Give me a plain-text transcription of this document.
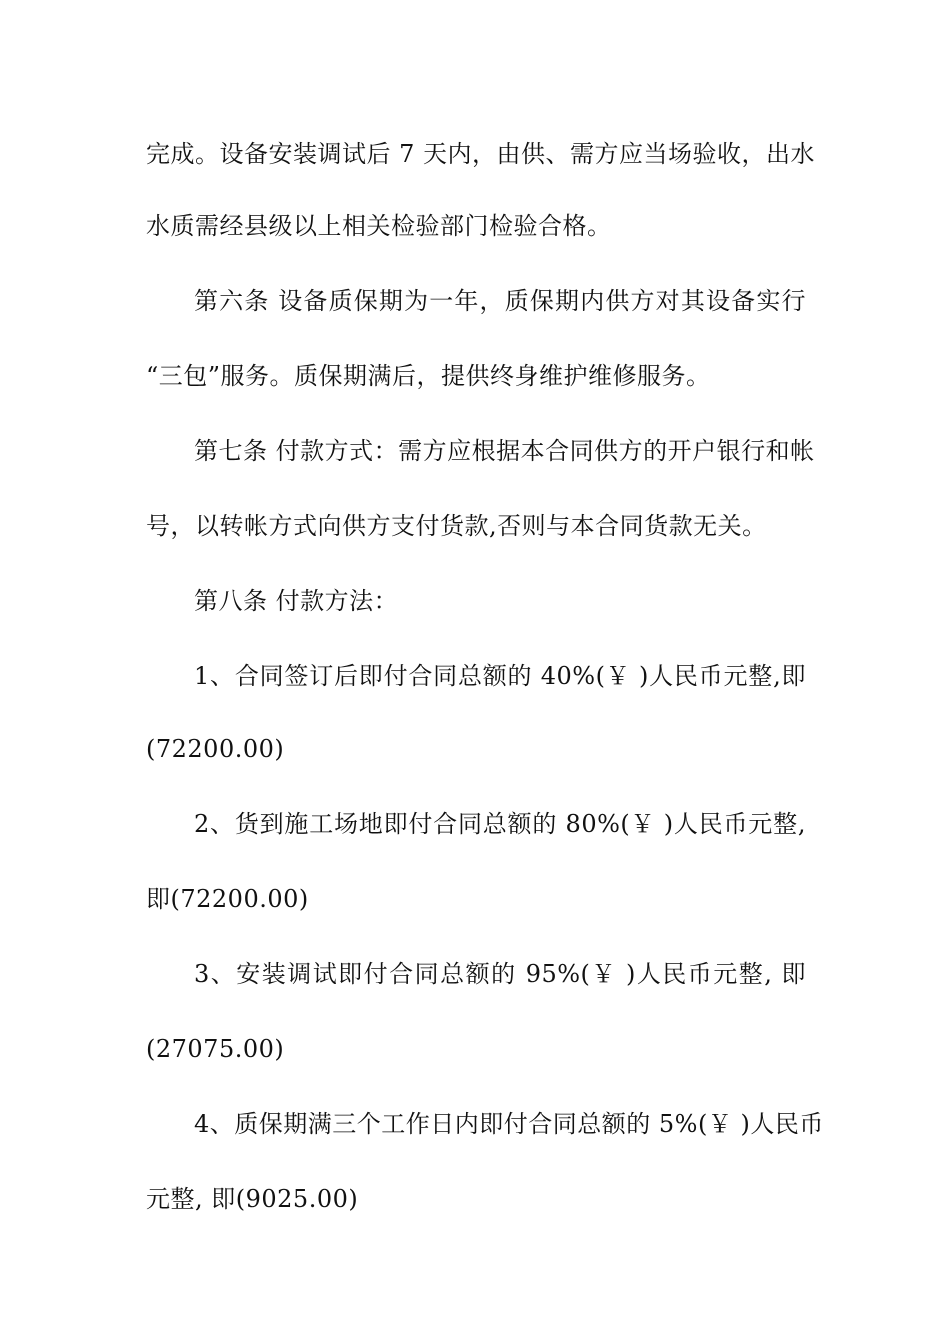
完成。设备安装调试后 7 天内，由供、需方应当场验收，出水
水质需经县级以上相关检验部门检验合格。
第六条 设备质保期为一年，质保期内供方对其设备实行
“三包”服务。质保期满后，提供终身维护维修服务。
第七条 付款方式：需方应根据本合同供方的开户银行和帐
号，以转帐方式向供方支付货款,否则与本合同货款无关。
第八条 付款方法：
1、合同签订后即付合同总额的 40%(￥ )人民币元整,即
(72200.00)
2、货到施工场地即付合同总额的 80%(￥ )人民币元整,
即(72200.00)
3、安装调试即付合同总额的 95%(￥ )人民币元整, 即
(27075.00)
4、质保期满三个工作日内即付合同总额的 5%(￥ )人民币
元整, 即(9025.00)
